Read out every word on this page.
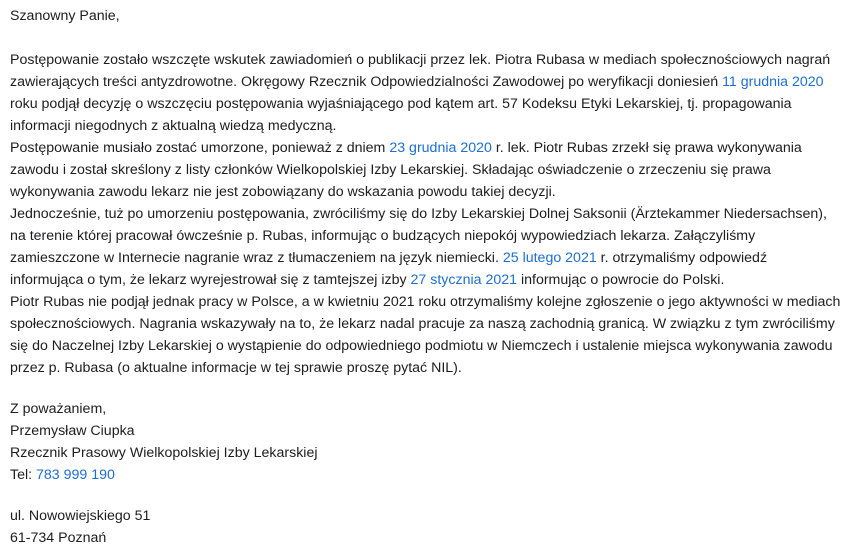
Szanowny Panie,

Postępowanie zostało wszczęte wskutek zawiadomień o publikacji przez lek. Piotra Rubasa w mediach społecznościowych nagrań zawierających treści antyzdrowotne. Okręgowy Rzecznik Odpowiedzialności Zawodowej po weryfikacji doniesień 11 grudnia 2020 roku podjął decyzję o wszczęciu postępowania wyjaśniającego pod kątem art. 57 Kodeksu Etyki Lekarskiej, tj. propagowania informacji niegodnych z aktualną wiedzą medyczną.

Postępowanie musiało zostać umorzone, ponieważ z dniem 23 grudnia 2020 r. lek. Piotr Rubas zrzekł się prawa wykonywania zawodu i został skreślony z listy członków Wielkopolskiej Izby Lekarskiej. Składając oświadczenie o zrzeczeniu się prawa wykonywania zawodu lekarz nie jest zobowiązany do wskazania powodu takiej decyzji.

Jednocześnie, tuż po umorzeniu postępowania, zwróciliśmy się do Izby Lekarskiej Dolnej Saksonii (Ärztekammer Niedersachsen), na terenie której pracował ówcześnie p. Rubas, informując o budzących niepokój wypowiedziach lekarza. Załączyliśmy zamieszczone w Internecie nagranie wraz z tłumaczeniem na język niemiecki. 25 lutego 2021 r. otrzymaliśmy odpowiedź informująca o tym, że lekarz wyrejestrował się z tamtejszej izby 27 stycznia 2021 informując o powrocie do Polski.

Piotr Rubas nie podjął jednak pracy w Polsce, a w kwietniu 2021 roku otrzymaliśmy kolejne zgłoszenie o jego aktywności w mediach społecznościowych. Nagrania wskazywały na to, że lekarz nadal pracuje za naszą zachodnią granicą. W związku z tym zwróciliśmy się do Naczelnej Izby Lekarskiej o wystąpienie do odpowiedniego podmiotu w Niemczech i ustalenie miejsca wykonywania zawodu przez p. Rubasa (o aktualne informacje w tej sprawie proszę pytać NIL).

Z poważaniem,

Przemysław Ciupka

Rzecznik Prasowy Wielkopolskiej Izby Lekarskiej

Tel: 783 999 190

ul. Nowowiejskiego 51

61-734 Poznań
